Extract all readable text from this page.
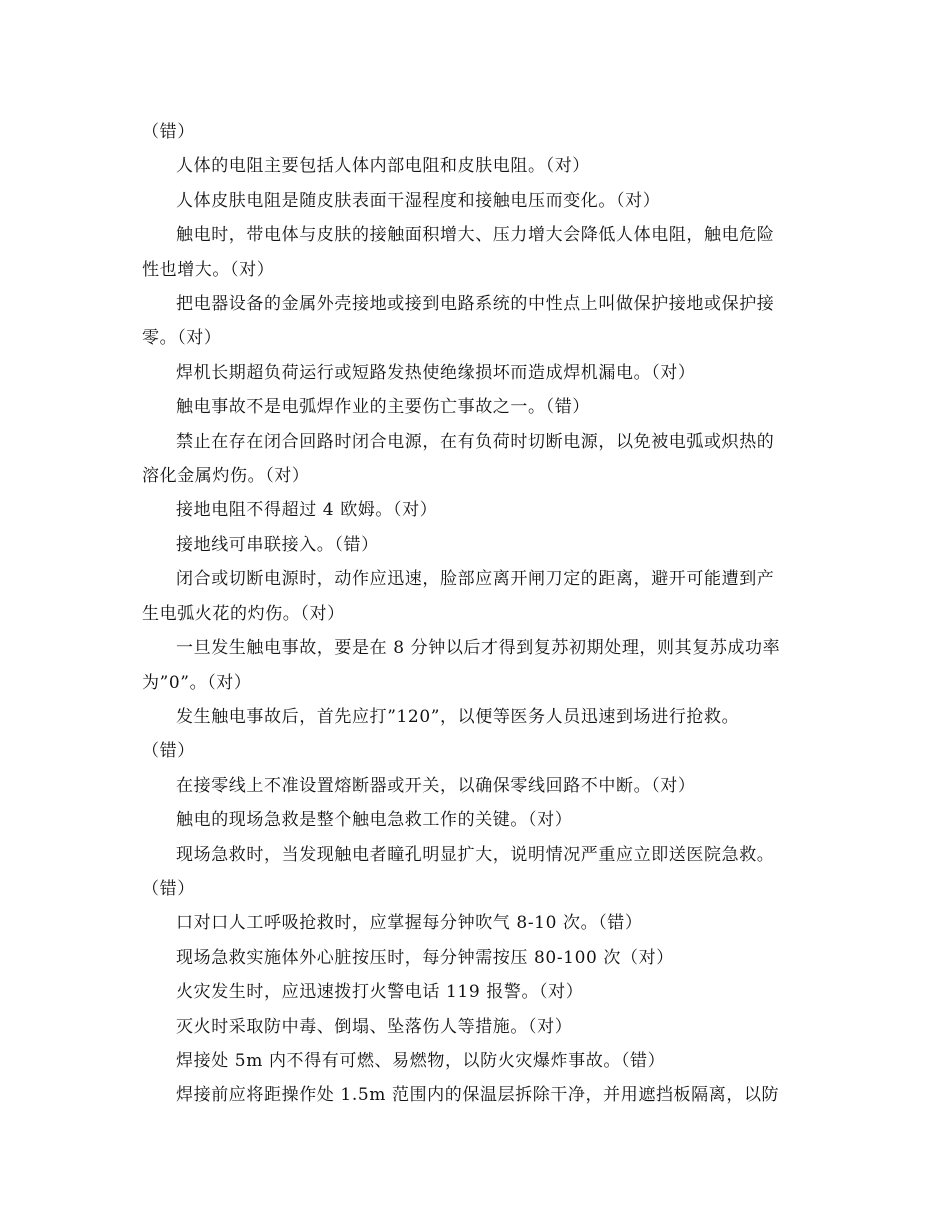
（错）
人体的电阻主要包括人体内部电阻和皮肤电阻。（对）
人体皮肤电阻是随皮肤表面干湿程度和接触电压而变化。（对）
触电时，带电体与皮肤的接触面积增大、压力增大会降低人体电阻，触电危险
性也增大。（对）
把电器设备的金属外壳接地或接到电路系统的中性点上叫做保护接地或保护接
零。（对）
焊机长期超负荷运行或短路发热使绝缘损坏而造成焊机漏电。（对）
触电事故不是电弧焊作业的主要伤亡事故之一。（错）
禁止在存在闭合回路时闭合电源，在有负荷时切断电源，以免被电弧或炽热的
溶化金属灼伤。（对）
接地电阻不得超过 4 欧姆。（对）
接地线可串联接入。（错）
闭合或切断电源时，动作应迅速，脸部应离开闸刀定的距离，避开可能遭到产
生电弧火花的灼伤。（对）
一旦发生触电事故，要是在 8 分钟以后才得到复苏初期处理，则其复苏成功率
为”0”。（对）
发生触电事故后，首先应打”120”，以便等医务人员迅速到场进行抢救。
（错）
在接零线上不准设置熔断器或开关，以确保零线回路不中断。（对）
触电的现场急救是整个触电急救工作的关键。（对）
现场急救时，当发现触电者瞳孔明显扩大，说明情况严重应立即送医院急救。
（错）
口对口人工呼吸抢救时，应掌握每分钟吹气 8-10 次。（错）
现场急救实施体外心脏按压时，每分钟需按压 80-100 次（对）
火灾发生时，应迅速拨打火警电话 119 报警。（对）
灭火时采取防中毒、倒塌、坠落伤人等措施。（对）
焊接处 5m 内不得有可燃、易燃物，以防火灾爆炸事故。（错）
焊接前应将距操作处 1.5m 范围内的保温层拆除干净，并用遮挡板隔离，以防
